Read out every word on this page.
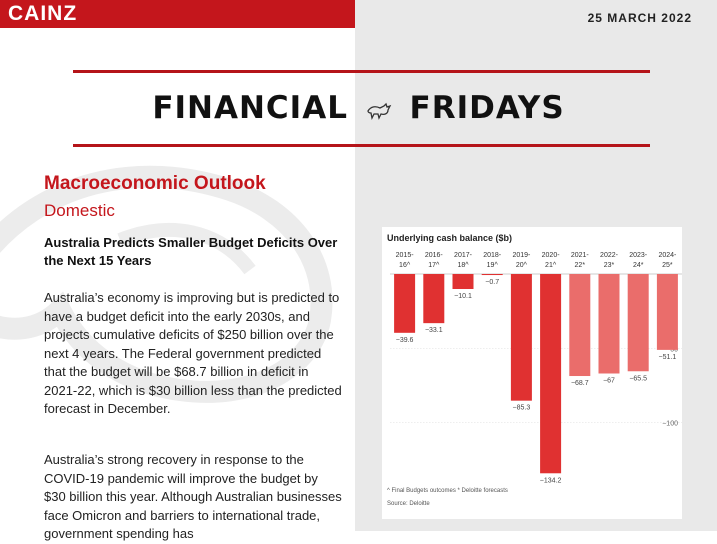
CAINZ	25 MARCH 2022
FINANCIAL FRIDAYS
Macroeconomic Outlook
Domestic
Australia Predicts Smaller Budget Deficits Over the Next 15 Years
Australia’s economy is improving but is predicted to have a budget deficit into the early 2030s, and projects cumulative deficits of $250 billion over the next 4 years. The Federal government predicted that the budget will be $68.7 billion in deficit in 2021-22, which is $30 billion less than the predicted forecast in December.
Australia’s strong recovery in response to the COVID-19 pandemic will improve the budget by $30 billion this year. Although Australian businesses face Omicron and barriers to international trade, government spending has
Underlying cash balance ($b)
−100
2015-
16^
−39.6
2016-
17^
−33.1
2017-
18^
−10.1
2018-
19^
−0.7
2019-
20^
−85.3
2020-
21^
−134.2
2021-
22*
−68.7
2022-
23*
−67
2023-
24*
−65.5
2024-
25*
−51.1
^ Final Budgets outcomes * Deloitte forecasts
Source: Deloitte
